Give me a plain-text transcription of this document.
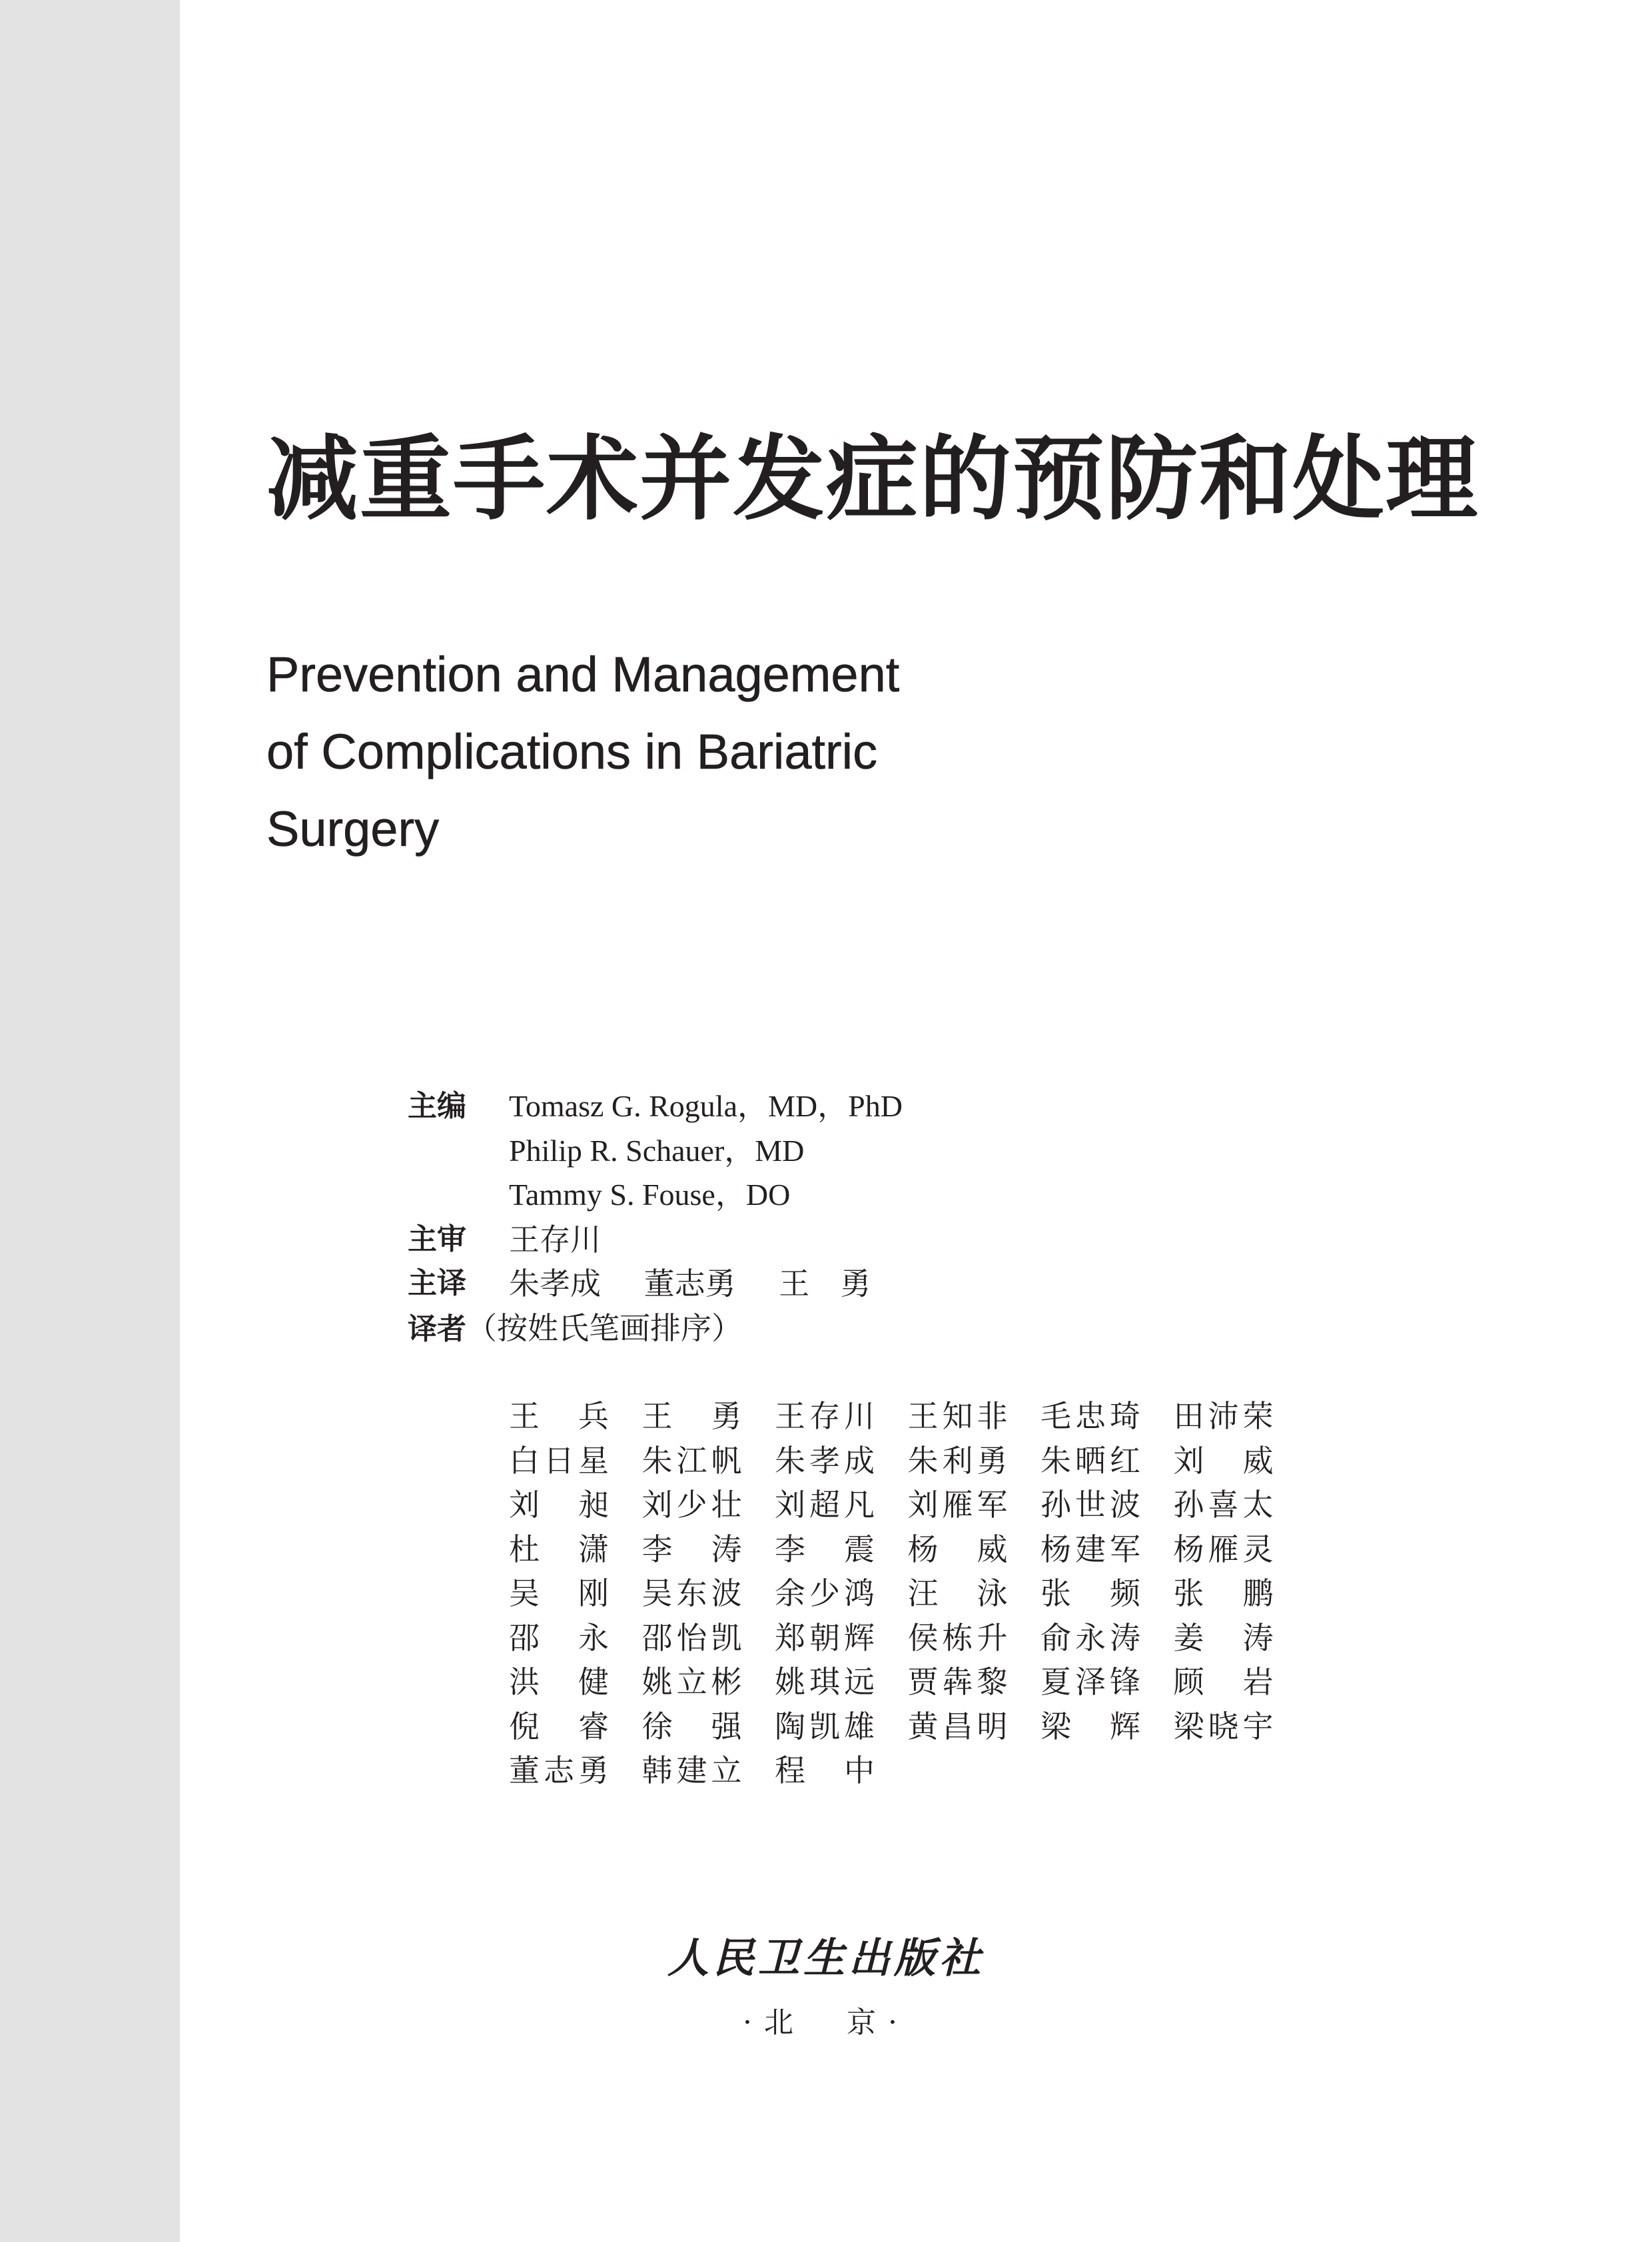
减重手术并发症的预防和处理
Prevention and Management
of Complications in Bariatric
Surgery
主编 Tomasz G. Rogula，MD，PhD
Philip R. Schauer，MD
Tammy S. Fouse，DO
主审 王存川
主译 朱孝成 董志勇 王　勇
译者（按姓氏笔画排序）
王　兵 王　勇 王存川 王知非 毛忠琦 田沛荣
白日星 朱江帆 朱孝成 朱利勇 朱晒红 刘　威
刘　昶 刘少壮 刘超凡 刘雁军 孙世波 孙喜太
杜　潇 李　涛 李　震 杨　威 杨建军 杨雁灵
吴　刚 吴东波 余少鸿 汪　泳 张　频 张　鹏
邵　永 邵怡凯 郑朝辉 侯栋升 俞永涛 姜　涛
洪　健 姚立彬 姚琪远 贾犇黎 夏泽锋 顾　岩
倪　睿 徐　强 陶凯雄 黄昌明 梁　辉 梁晓宇
董志勇 韩建立 程　中
人民卫生出版社
·北　京·
